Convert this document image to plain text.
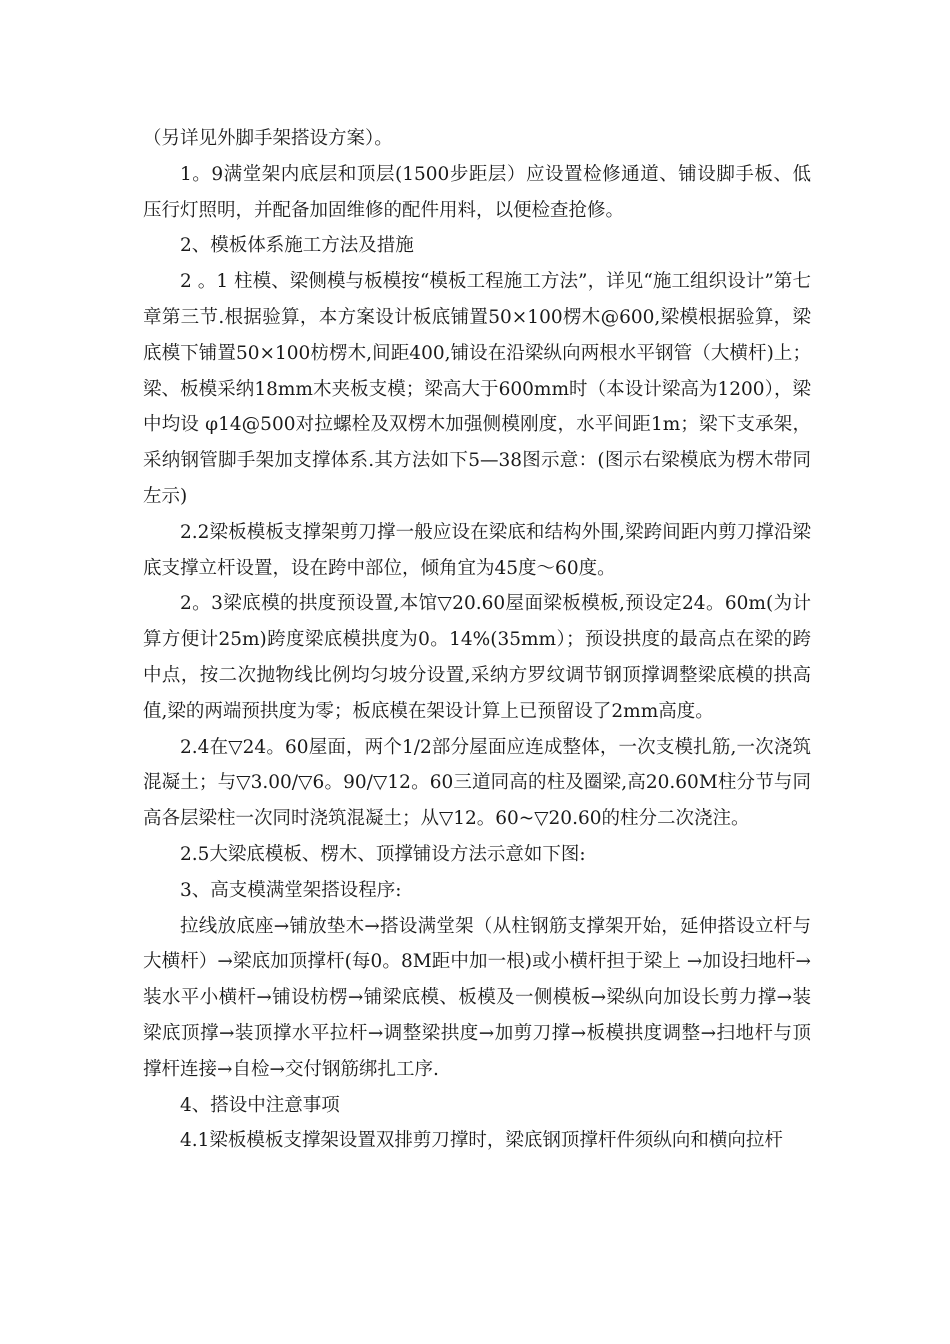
（另详见外脚手架搭设方案）。

1。9满堂架内底层和顶层(1500步距层）应设置检修通道、铺设脚手板、低压行灯照明，并配备加固维修的配件用料，以便检查抢修。

2、模板体系施工方法及措施

2 。1 柱模、梁侧模与板模按“模板工程施工方法”，详见“施工组织设计”第七章第三节.根据验算，本方案设计板底铺置50×100楞木@600,梁模根据验算，梁底模下铺置50×100枋楞木,间距400,铺设在沿梁纵向两根水平钢管（大横杆)上；梁、板模采纳18mm木夹板支模；梁高大于600mm时（本设计梁高为1200），梁中均设 φ14@500对拉螺栓及双楞木加强侧模刚度，水平间距1m；梁下支承架，采纳钢管脚手架加支撑体系.其方法如下5—38图示意：(图示右梁模底为楞木带同左示)

2.2梁板模板支撑架剪刀撑一般应设在梁底和结构外围,梁跨间距内剪刀撑沿梁底支撑立杆设置，设在跨中部位，倾角宜为45度～60度。

2。3梁底模的拱度预设置,本馆▽20.60屋面梁板模板,预设定24。60m(为计算方便计25m)跨度梁底模拱度为0。14%(35mm）；预设拱度的最高点在梁的跨中点，按二次抛物线比例均匀坡分设置,采纳方罗纹调节钢顶撑调整梁底模的拱高值,梁的两端预拱度为零；板底模在架设计算上已预留设了2mm高度。

2.4在▽24。60屋面，两个1/2部分屋面应连成整体，一次支模扎筋,一次浇筑混凝土；与▽3.00/▽6。90/▽12。60三道同高的柱及圈梁,高20.60M柱分节与同高各层梁柱一次同时浇筑混凝土；从▽12。60~▽20.60的柱分二次浇注。

2.5大梁底模板、楞木、顶撑铺设方法示意如下图:

3、高支模满堂架搭设程序:

拉线放底座→铺放垫木→搭设满堂架（从柱钢筋支撑架开始，延伸搭设立杆与大横杆）→梁底加顶撑杆(每0。8M距中加一根)或小横杆担于梁上 →加设扫地杆→装水平小横杆→铺设枋楞→铺梁底模、板模及一侧模板→梁纵向加设长剪力撑→装梁底顶撑→装顶撑水平拉杆→调整梁拱度→加剪刀撑→板模拱度调整→扫地杆与顶撑杆连接→自检→交付钢筋绑扎工序.

4、搭设中注意事项

4.1梁板模板支撑架设置双排剪刀撑时，梁底钢顶撑杆件须纵向和横向拉杆
